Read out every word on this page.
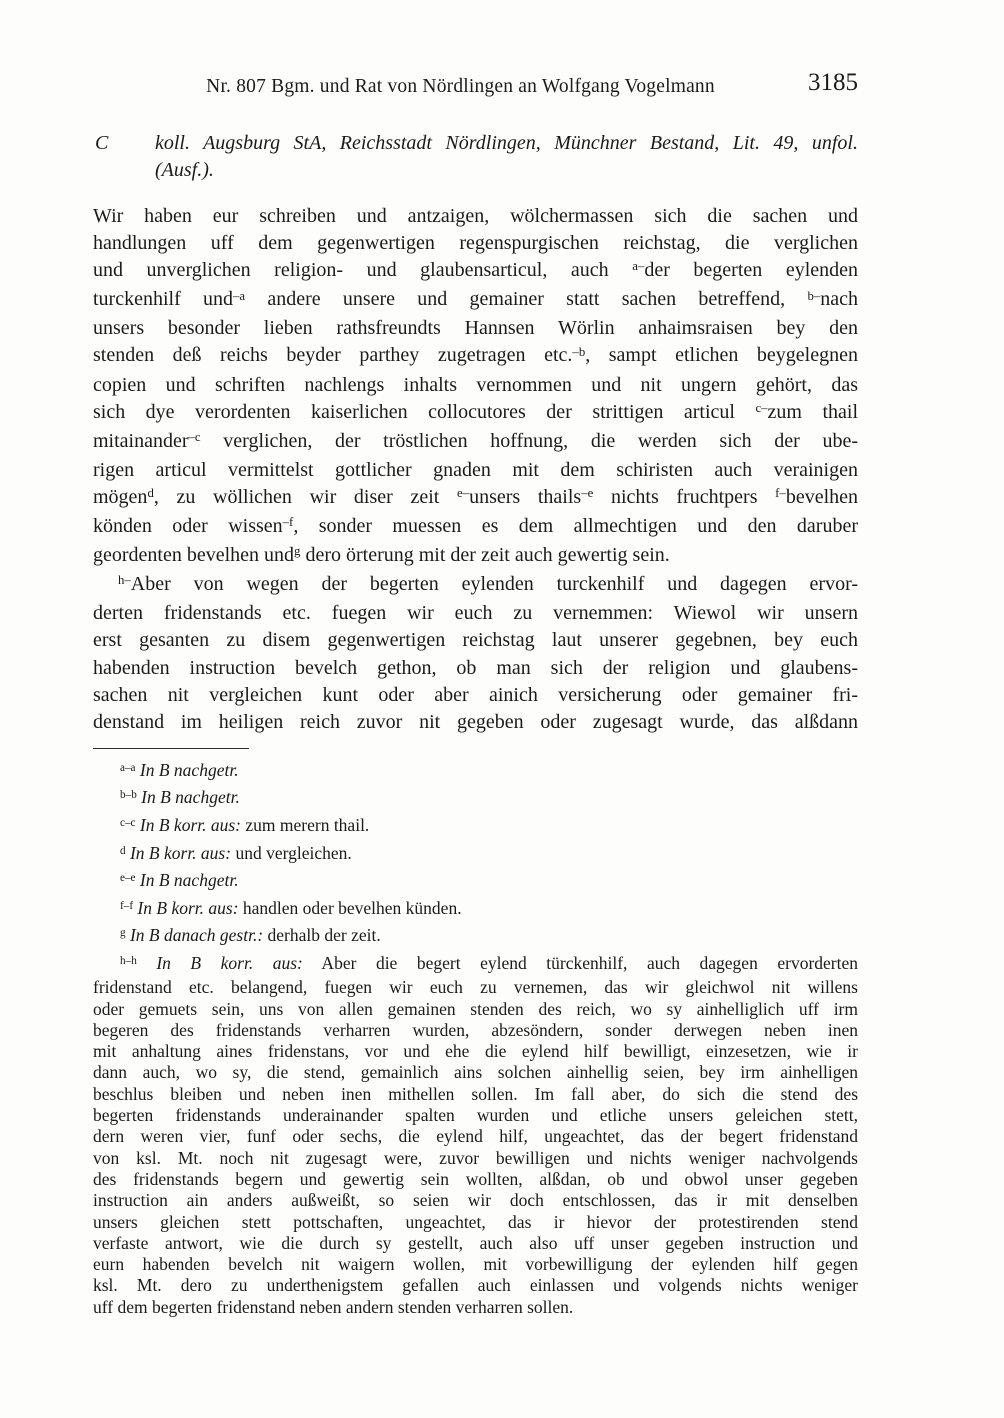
Nr. 807 Bgm. und Rat von Nördlingen an Wolfgang Vogelmann	3185
C koll. Augsburg StA, Reichsstadt Nördlingen, Münchner Bestand, Lit. 49, unfol.
(Ausf.).
Wir haben eur schreiben und antzaigen, wölchermassen sich die sachen und
handlungen uff dem gegenwertigen regenspurgischen reichstag, die verglichen
und unverglichen religion- und glaubensarticul, auch $^{a-}$der begerten eylenden
turckenhilf und$^{-a}$ andere unsere und gemainer statt sachen betreffend, $^{b-}$nach
unsers besonder lieben rathsfreundts Hannsen Wörlin anhaimsraisen bey den
stenden deß reichs beyder parthey zugetragen etc.$^{-b}$, sampt etlichen beygelegnen
copien und schriften nachlengs inhalts vernommen und nit ungern gehört, das
sich dye verordenten kaiserlichen collocutores der strittigen articul $^{c-}$zum thail
mitainander$^{-c}$ verglichen, der tröstlichen hoffnung, die werden sich der ube-
rigen articul vermittelst gottlicher gnaden mit dem schiristen auch verainigen
mögen$^d$, zu wöllichen wir diser zeit $^{e-}$unsers thails$^{-e}$ nichts fruchtpers $^{f-}$bevelhen
könden oder wissen$^{-f}$, sonder muessen es dem allmechtigen und den daruber
geordenten bevelhen und$^g$ dero örterung mit der zeit auch gewertig sein.
$^{h-}$Aber von wegen der begerten eylenden turckenhilf und dagegen ervor-
derten fridenstands etc. fuegen wir euch zu vernemmen: Wiewol wir unsern
erst gesanten zu disem gegenwertigen reichstag laut unserer gegebnen, bey euch
habenden instruction bevelch gethon, ob man sich der religion und glaubens-
sachen nit vergleichen kunt oder aber ainich versicherung oder gemainer fri-
denstand im heiligen reich zuvor nit gegeben oder zugesagt wurde, das alßdann
$^{a-a}$ In B nachgetr.
$^{b-b}$ In B nachgetr.
$^{c-c}$ In B korr. aus: zum merern thail.
$^d$ In B korr. aus: und vergleichen.
$^{e-e}$ In B nachgetr.
$^{f-f}$ In B korr. aus: handlen oder bevelhen künden.
$^g$ In B danach gestr.: derhalb der zeit.
$^{h-h}$ In B korr. aus: Aber die begert eylend türckenhilf, auch dagegen ervorderten
fridenstand etc. belangend, fuegen wir euch zu vernemen, das wir gleichwol nit willens
oder gemuets sein, uns von allen gemainen stenden des reich, wo sy ainhelliglich uff irm
begeren des fridenstands verharren wurden, abzesöndern, sonder derwegen neben inen
mit anhaltung aines fridenstans, vor und ehe die eylend hilf bewilligt, einzesetzen, wie ir
dann auch, wo sy, die stend, gemainlich ains solchen ainhellig seien, bey irm ainhelligen
beschlus bleiben und neben inen mithellen sollen. Im fall aber, do sich die stend des
begerten fridenstands underainander spalten wurden und etliche unsers geleichen stett,
dern weren vier, funf oder sechs, die eylend hilf, ungeachtet, das der begert fridenstand
von ksl. Mt. noch nit zugesagt were, zuvor bewilligen und nichts weniger nachvolgends
des fridenstands begern und gewertig sein wollten, alßdan, ob und obwol unser gegeben
instruction ain anders außweißt, so seien wir doch entschlossen, das ir mit denselben
unsers gleichen stett pottschaften, ungeachtet, das ir hievor der protestirenden stend
verfaste antwort, wie die durch sy gestellt, auch also uff unser gegeben instruction und
eurn habenden bevelch nit waigern wollen, mit vorbewilligung der eylenden hilf gegen
ksl. Mt. dero zu underthenigstem gefallen auch einlassen und volgends nichts weniger
uff dem begerten fridenstand neben andern stenden verharren sollen.
